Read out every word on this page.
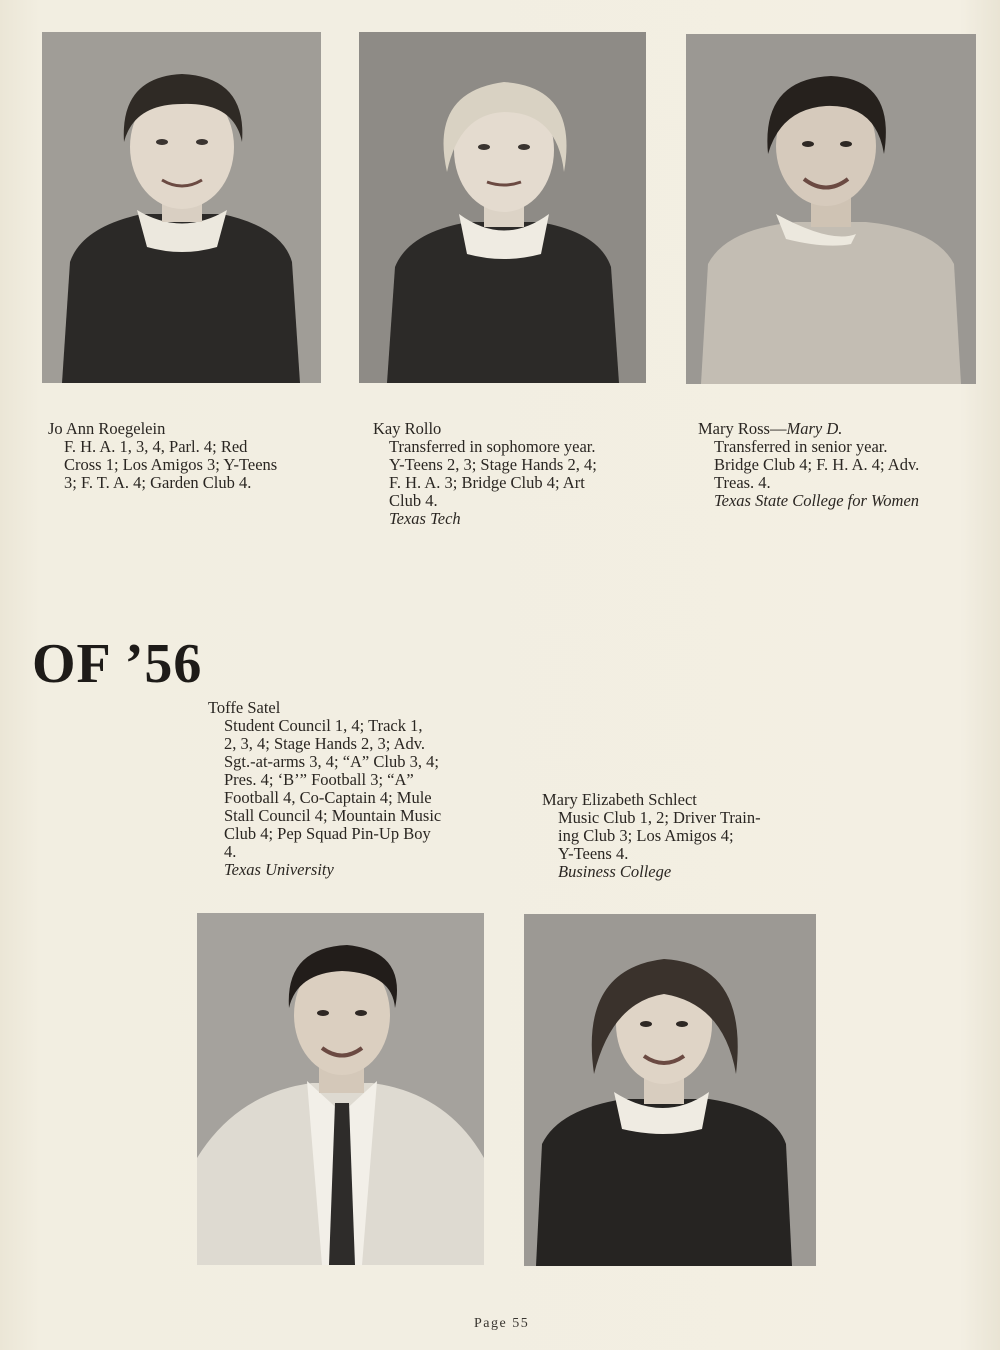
Jo Ann Roegelein
F. H. A. 1, 3, 4, Parl. 4; Red
Cross 1; Los Amigos 3; Y-Teens
3; F. T. A. 4; Garden Club 4.
Kay Rollo
Transferred in sophomore year.
Y-Teens 2, 3; Stage Hands 2, 4;
F. H. A. 3; Bridge Club 4; Art
Club 4.
Texas Tech
Mary Ross—Mary D.
Transferred in senior year.
Bridge Club 4; F. H. A. 4; Adv.
Treas. 4.
Texas State College for Women
OF ’56
Toffe Satel
Student Council 1, 4; Track 1,
2, 3, 4; Stage Hands 2, 3; Adv.
Sgt.-at-arms 3, 4; “A” Club 3, 4;
Pres. 4; ‘B’” Football 3; “A”
Football 4, Co-Captain 4; Mule
Stall Council 4; Mountain Music
Club 4; Pep Squad Pin-Up Boy
4.
Texas University
Mary Elizabeth Schlect
Music Club 1, 2; Driver Train-
ing Club 3; Los Amigos 4;
Y-Teens 4.
Business College
Page 55
